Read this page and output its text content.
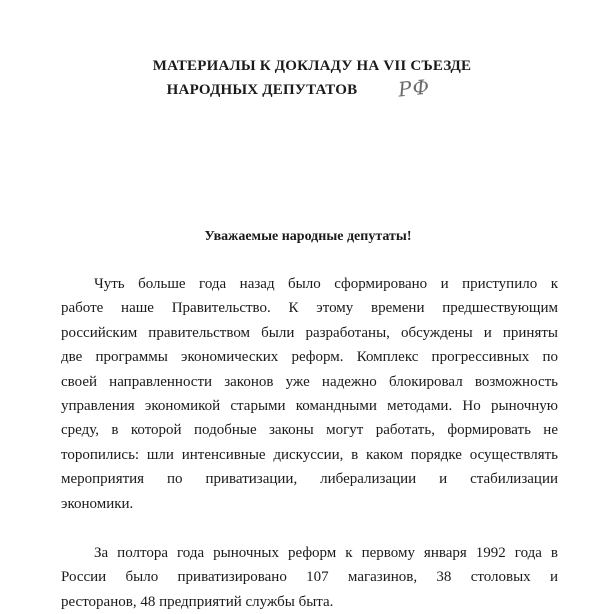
МАТЕРИАЛЫ К ДОКЛАДУ НА VII СЪЕЗДЕ
НАРОДНЫХ ДЕПУТАТОВ	РФ
Уважаемые народные депутаты!
Чуть больше года назад было сформировано и приступило к
работе наше Правительство. К этому времени предшествующим
российским правительством были разработаны, обсуждены и приняты
две программы экономических реформ. Комплекс прогрессивных по
своей направленности законов уже надежно блокировал возможность
управления экономикой старыми командными методами. Но рыночную
среду, в которой подобные законы могут работать, формировать не
торопились: шли интенсивные дискуссии, в каком порядке осуществлять
мероприятия по приватизации, либерализации и стабилизации
экономики.
За полтора года рыночных реформ к первому января 1992 года в
России было приватизировано 107 магазинов, 38 столовых и
ресторанов, 48 предприятий службы быта.
